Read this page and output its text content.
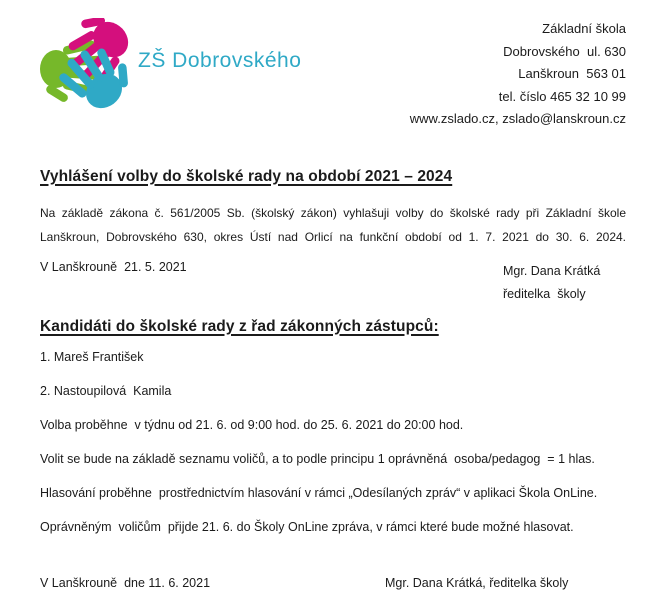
ZŠ Dobrovského
Základní škola
Dobrovského  ul. 630
Lanškroun  563 01
tel. číslo 465 32 10 99
www.zslado.cz, zslado@lanskroun.cz
Vyhlášení volby do školské rady na období 2021 – 2024
Na základě zákona č. 561/2005 Sb. (školský zákon) vyhlašuji volby do školské rady při Základní škole
Lanškroun, Dobrovského 630, okres Ústí nad Orlicí na funkční období od 1. 7. 2021 do 30. 6. 2024.
V Lanškrouně  21. 5. 2021	Mgr. Dana Krátká
ředitelka  školy
Kandidáti do školské rady z řad zákonných zástupců:
1. Mareš František
2. Nastoupilová  Kamila
Volba proběhne  v týdnu od 21. 6. od 9:00 hod. do 25. 6. 2021 do 20:00 hod.
Volit se bude na základě seznamu voličů, a to podle principu 1 oprávněná  osoba/pedagog  = 1 hlas.
Hlasování proběhne  prostřednictvím hlasování v rámci „Odesílaných zpráv“ v aplikaci Škola OnLine.
Oprávněným  voličům  přijde 21. 6. do Školy OnLine zpráva, v rámci které bude možné hlasovat.
V Lanškrouně  dne 11. 6. 2021	Mgr. Dana Krátká, ředitelka školy
